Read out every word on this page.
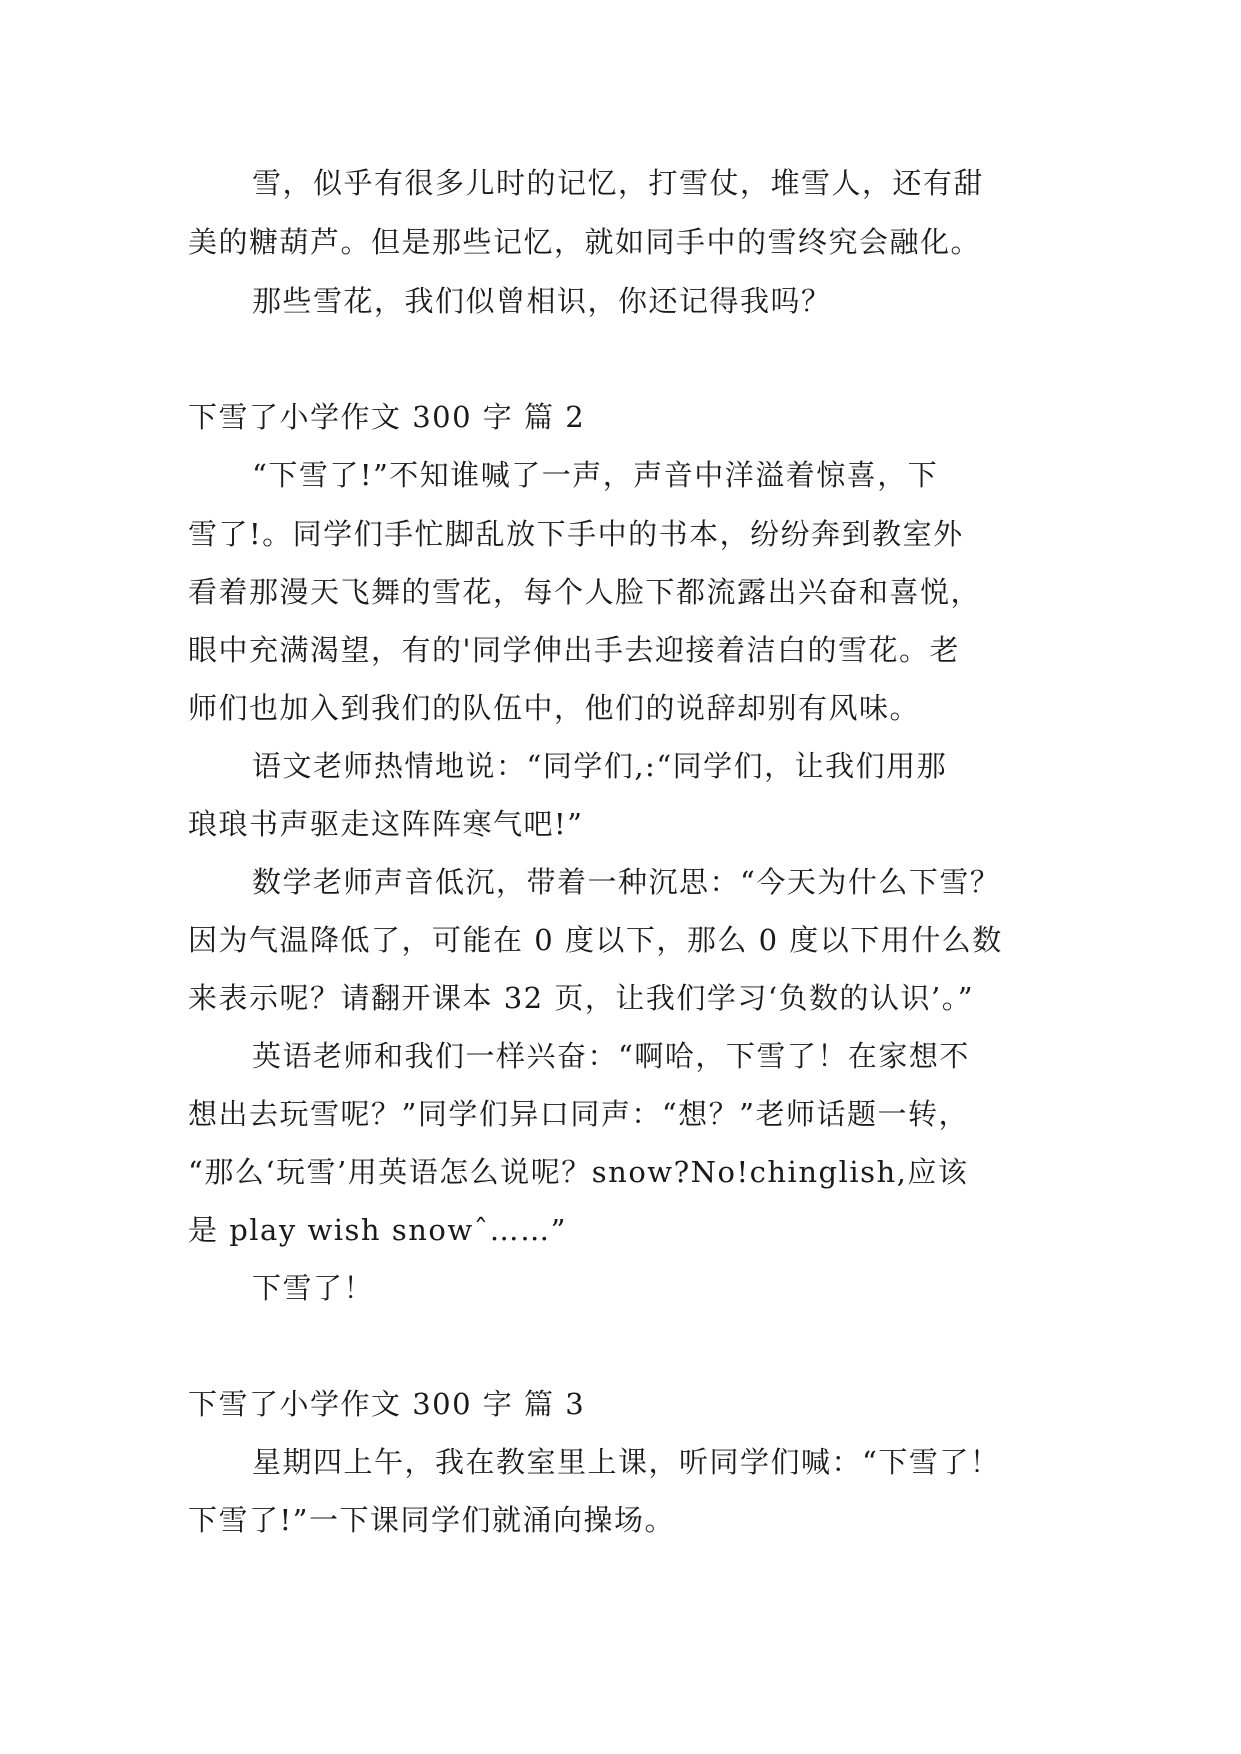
雪，似乎有很多儿时的记忆，打雪仗，堆雪人，还有甜
美的糖葫芦。但是那些记忆，就如同手中的雪终究会融化。
那些雪花，我们似曾相识，你还记得我吗？
下雪了小学作文 300 字 篇 2
“下雪了!”不知谁喊了一声，声音中洋溢着惊喜，下
雪了!。同学们手忙脚乱放下手中的书本，纷纷奔到教室外
看着那漫天飞舞的雪花，每个人脸下都流露出兴奋和喜悦，
眼中充满渴望，有的'同学伸出手去迎接着洁白的雪花。老
师们也加入到我们的队伍中，他们的说辞却别有风味。
语文老师热情地说：“同学们,:“同学们，让我们用那
琅琅书声驱走这阵阵寒气吧!”
数学老师声音低沉，带着一种沉思：“今天为什么下雪？
因为气温降低了，可能在 0 度以下，那么 0 度以下用什么数
来表示呢？请翻开课本 32 页，让我们学习‘负数的认识’。”
英语老师和我们一样兴奋：“啊哈，下雪了！在家想不
想出去玩雪呢？”同学们异口同声：“想？”老师话题一转，
“那么‘玩雪’用英语怎么说呢？snow?No!chinglish,应该
是 play wish snowˆ……”
下雪了！
下雪了小学作文 300 字 篇 3
星期四上午，我在教室里上课，听同学们喊：“下雪了！
下雪了!”一下课同学们就涌向操场。
